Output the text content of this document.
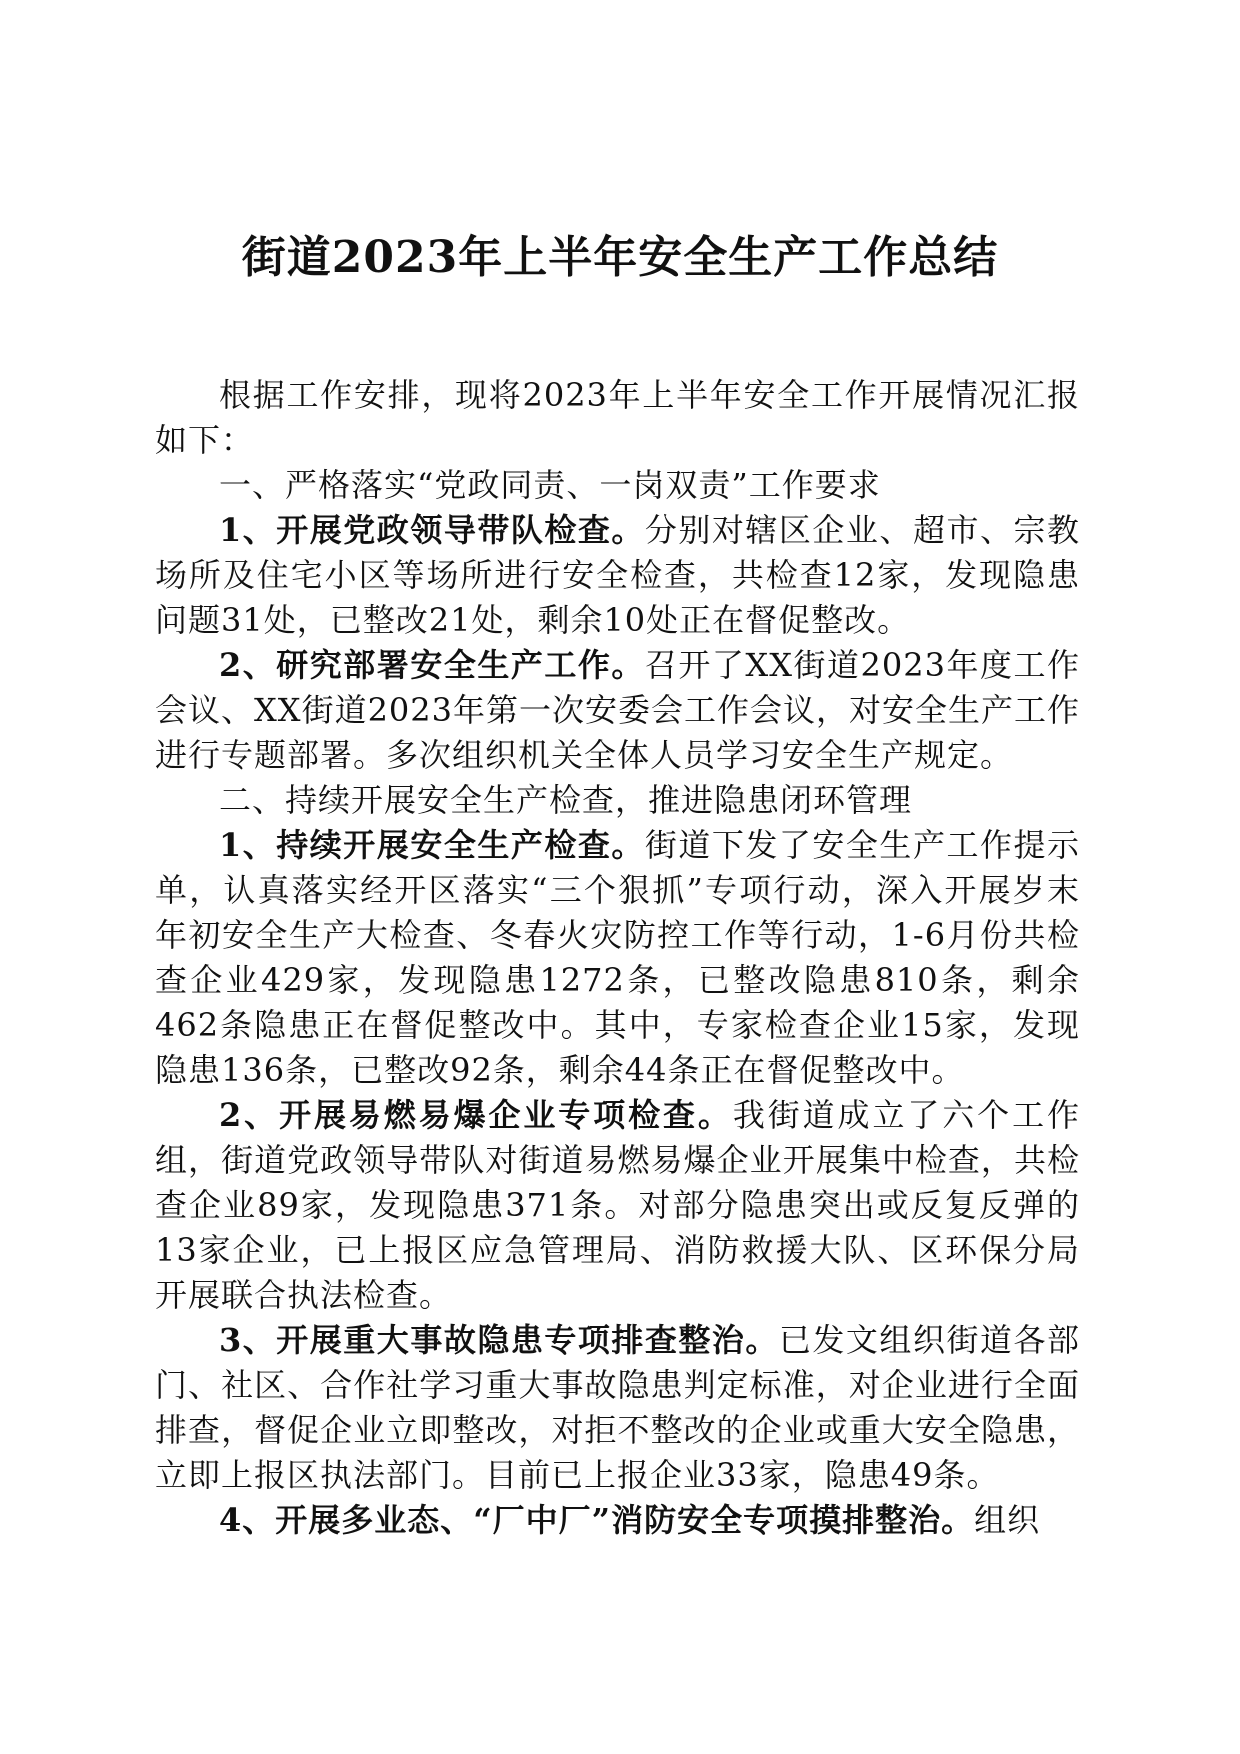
街道2023年上半年安全生产工作总结

根据工作安排，现将2023年上半年安全工作开展情况汇报如下：

一、严格落实“党政同责、一岗双责”工作要求

1、开展党政领导带队检查。分别对辖区企业、超市、宗教场所及住宅小区等场所进行安全检查，共检查12家，发现隐患问题31处，已整改21处，剩余10处正在督促整改。

2、研究部署安全生产工作。召开了XX街道2023年度工作会议、XX街道2023年第一次安委会工作会议，对安全生产工作进行专题部署。多次组织机关全体人员学习安全生产规定。

二、持续开展安全生产检查，推进隐患闭环管理

1、持续开展安全生产检查。街道下发了安全生产工作提示单，认真落实经开区落实“三个狠抓”专项行动，深入开展岁末年初安全生产大检查、冬春火灾防控工作等行动，1-6月份共检查企业429家，发现隐患1272条，已整改隐患810条，剩余462条隐患正在督促整改中。其中，专家检查企业15家，发现隐患136条，已整改92条，剩余44条正在督促整改中。

2、开展易燃易爆企业专项检查。我街道成立了六个工作组，街道党政领导带队对街道易燃易爆企业开展集中检查，共检查企业89家，发现隐患371条。对部分隐患突出或反复反弹的13家企业，已上报区应急管理局、消防救援大队、区环保分局开展联合执法检查。

3、开展重大事故隐患专项排查整治。已发文组织街道各部门、社区、合作社学习重大事故隐患判定标准，对企业进行全面排查，督促企业立即整改，对拒不整改的企业或重大安全隐患，立即上报区执法部门。目前已上报企业33家，隐患49条。

4、开展多业态、“厂中厂”消防安全专项摸排整治。组织
